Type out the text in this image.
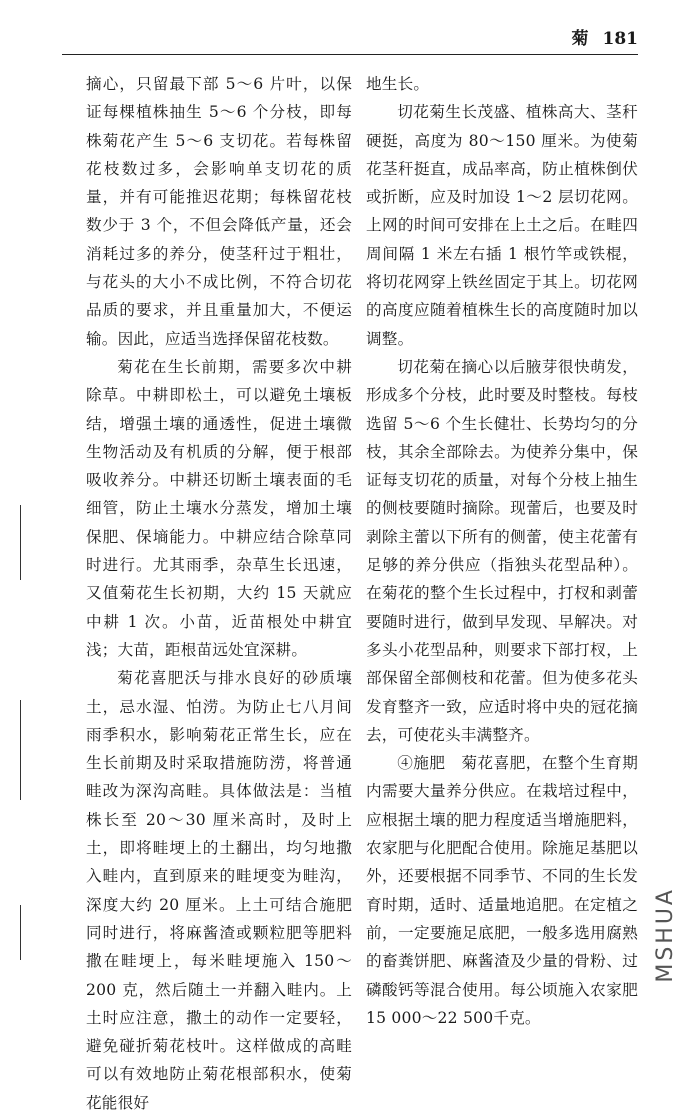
菊 181

摘心，只留最下部 5～6 片叶，以保证每棵植株抽生 5～6 个分枝，即每株菊花产生 5～6 支切花。若每株留花枝数过多，会影响单支切花的质量，并有可能推迟花期；每株留花枝数少于 3 个，不但会降低产量，还会消耗过多的养分，使茎秆过于粗壮，与花头的大小不成比例，不符合切花品质的要求，并且重量加大，不便运输。因此，应适当选择保留花枝数。

菊花在生长前期，需要多次中耕除草。中耕即松土，可以避免土壤板结，增强土壤的通透性，促进土壤微生物活动及有机质的分解，便于根部吸收养分。中耕还切断土壤表面的毛细管，防止土壤水分蒸发，增加土壤保肥、保墒能力。中耕应结合除草同时进行。尤其雨季，杂草生长迅速，又值菊花生长初期，大约 15 天就应中耕 1 次。小苗，近苗根处中耕宜浅；大苗，距根苗远处宜深耕。

菊花喜肥沃与排水良好的砂质壤土，忌水湿、怕涝。为防止七八月间雨季积水，影响菊花正常生长，应在生长前期及时采取措施防涝，将普通畦改为深沟高畦。具体做法是：当植株长至 20～30 厘米高时，及时上土，即将畦埂上的土翻出，均匀地撒入畦内，直到原来的畦埂变为畦沟，深度大约 20 厘米。上土可结合施肥同时进行，将麻酱渣或颗粒肥等肥料撒在畦埂上，每米畦埂施入 150～200 克，然后随土一并翻入畦内。上土时应注意，撒土的动作一定要轻，避免碰折菊花枝叶。这样做成的高畦可以有效地防止菊花根部积水，使菊花能很好

地生长。

切花菊生长茂盛、植株高大、茎秆硬挺，高度为 80～150 厘米。为使菊花茎秆挺直，成品率高，防止植株倒伏或折断，应及时加设 1～2 层切花网。上网的时间可安排在上土之后。在畦四周间隔 1 米左右插 1 根竹竿或铁棍，将切花网穿上铁丝固定于其上。切花网的高度应随着植株生长的高度随时加以调整。

切花菊在摘心以后腋芽很快萌发，形成多个分枝，此时要及时整枝。每枝选留 5～6 个生长健壮、长势均匀的分枝，其余全部除去。为使养分集中，保证每支切花的质量，对每个分枝上抽生的侧枝要随时摘除。现蕾后，也要及时剥除主蕾以下所有的侧蕾，使主花蕾有足够的养分供应（指独头花型品种）。在菊花的整个生长过程中，打杈和剥蕾要随时进行，做到早发现、早解决。对多头小花型品种，则要求下部打杈，上部保留全部侧枝和花蕾。但为使多花头发育整齐一致，应适时将中央的冠花摘去，可使花头丰满整齐。

④施肥　菊花喜肥，在整个生育期内需要大量养分供应。在栽培过程中，应根据土壤的肥力程度适当增施肥料，农家肥与化肥配合使用。除施足基肥以外，还要根据不同季节、不同的生长发育时期，适时、适量地追肥。在定植之前，一定要施足底肥，一般多选用腐熟的畜粪饼肥、麻酱渣及少量的骨粉、过磷酸钙等混合使用。每公顷施入农家肥 15 000～22 500千克。

MSHUA
